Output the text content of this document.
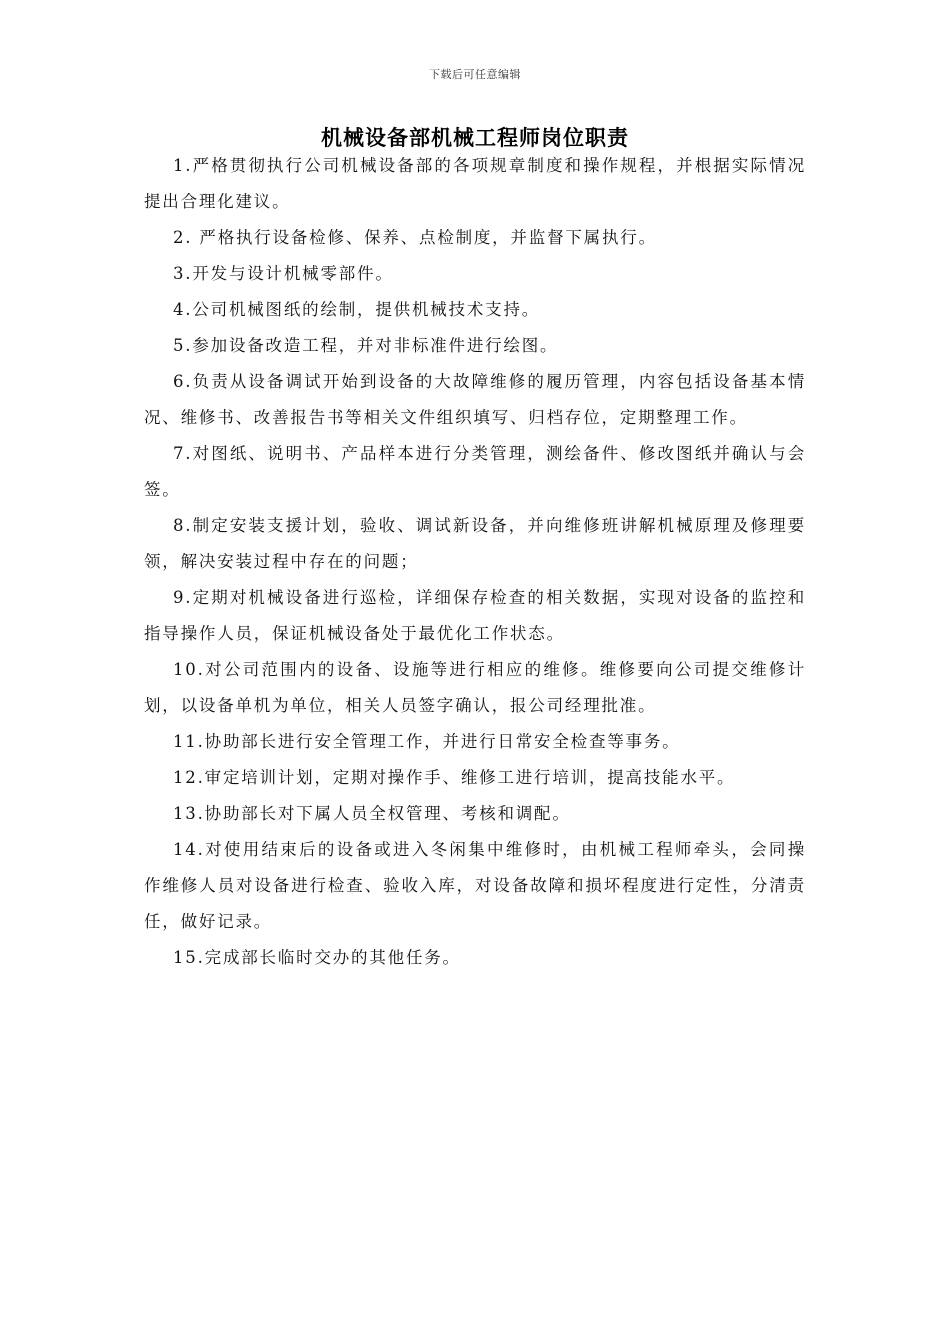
下载后可任意编辑
机械设备部机械工程师岗位职责

1.严格贯彻执行公司机械设备部的各项规章制度和操作规程，并根据实际情况提出合理化建议。

2. 严格执行设备检修、保养、点检制度，并监督下属执行。

3.开发与设计机械零部件。

4.公司机械图纸的绘制，提供机械技术支持。

5.参加设备改造工程，并对非标准件进行绘图。

6.负责从设备调试开始到设备的大故障维修的履历管理，内容包括设备基本情况、维修书、改善报告书等相关文件组织填写、归档存位，定期整理工作。

7.对图纸、说明书、产品样本进行分类管理，测绘备件、修改图纸并确认与会签。

8.制定安装支援计划，验收、调试新设备，并向维修班讲解机械原理及修理要领，解决安装过程中存在的问题；

9.定期对机械设备进行巡检，详细保存检查的相关数据，实现对设备的监控和指导操作人员，保证机械设备处于最优化工作状态。

10.对公司范围内的设备、设施等进行相应的维修。维修要向公司提交维修计划，以设备单机为单位，相关人员签字确认，报公司经理批准。

11.协助部长进行安全管理工作，并进行日常安全检查等事务。

12.审定培训计划，定期对操作手、维修工进行培训，提高技能水平。

13.协助部长对下属人员全权管理、考核和调配。

14.对使用结束后的设备或进入冬闲集中维修时，由机械工程师牵头，会同操作维修人员对设备进行检查、验收入库，对设备故障和损坏程度进行定性，分清责任，做好记录。

15.完成部长临时交办的其他任务。
